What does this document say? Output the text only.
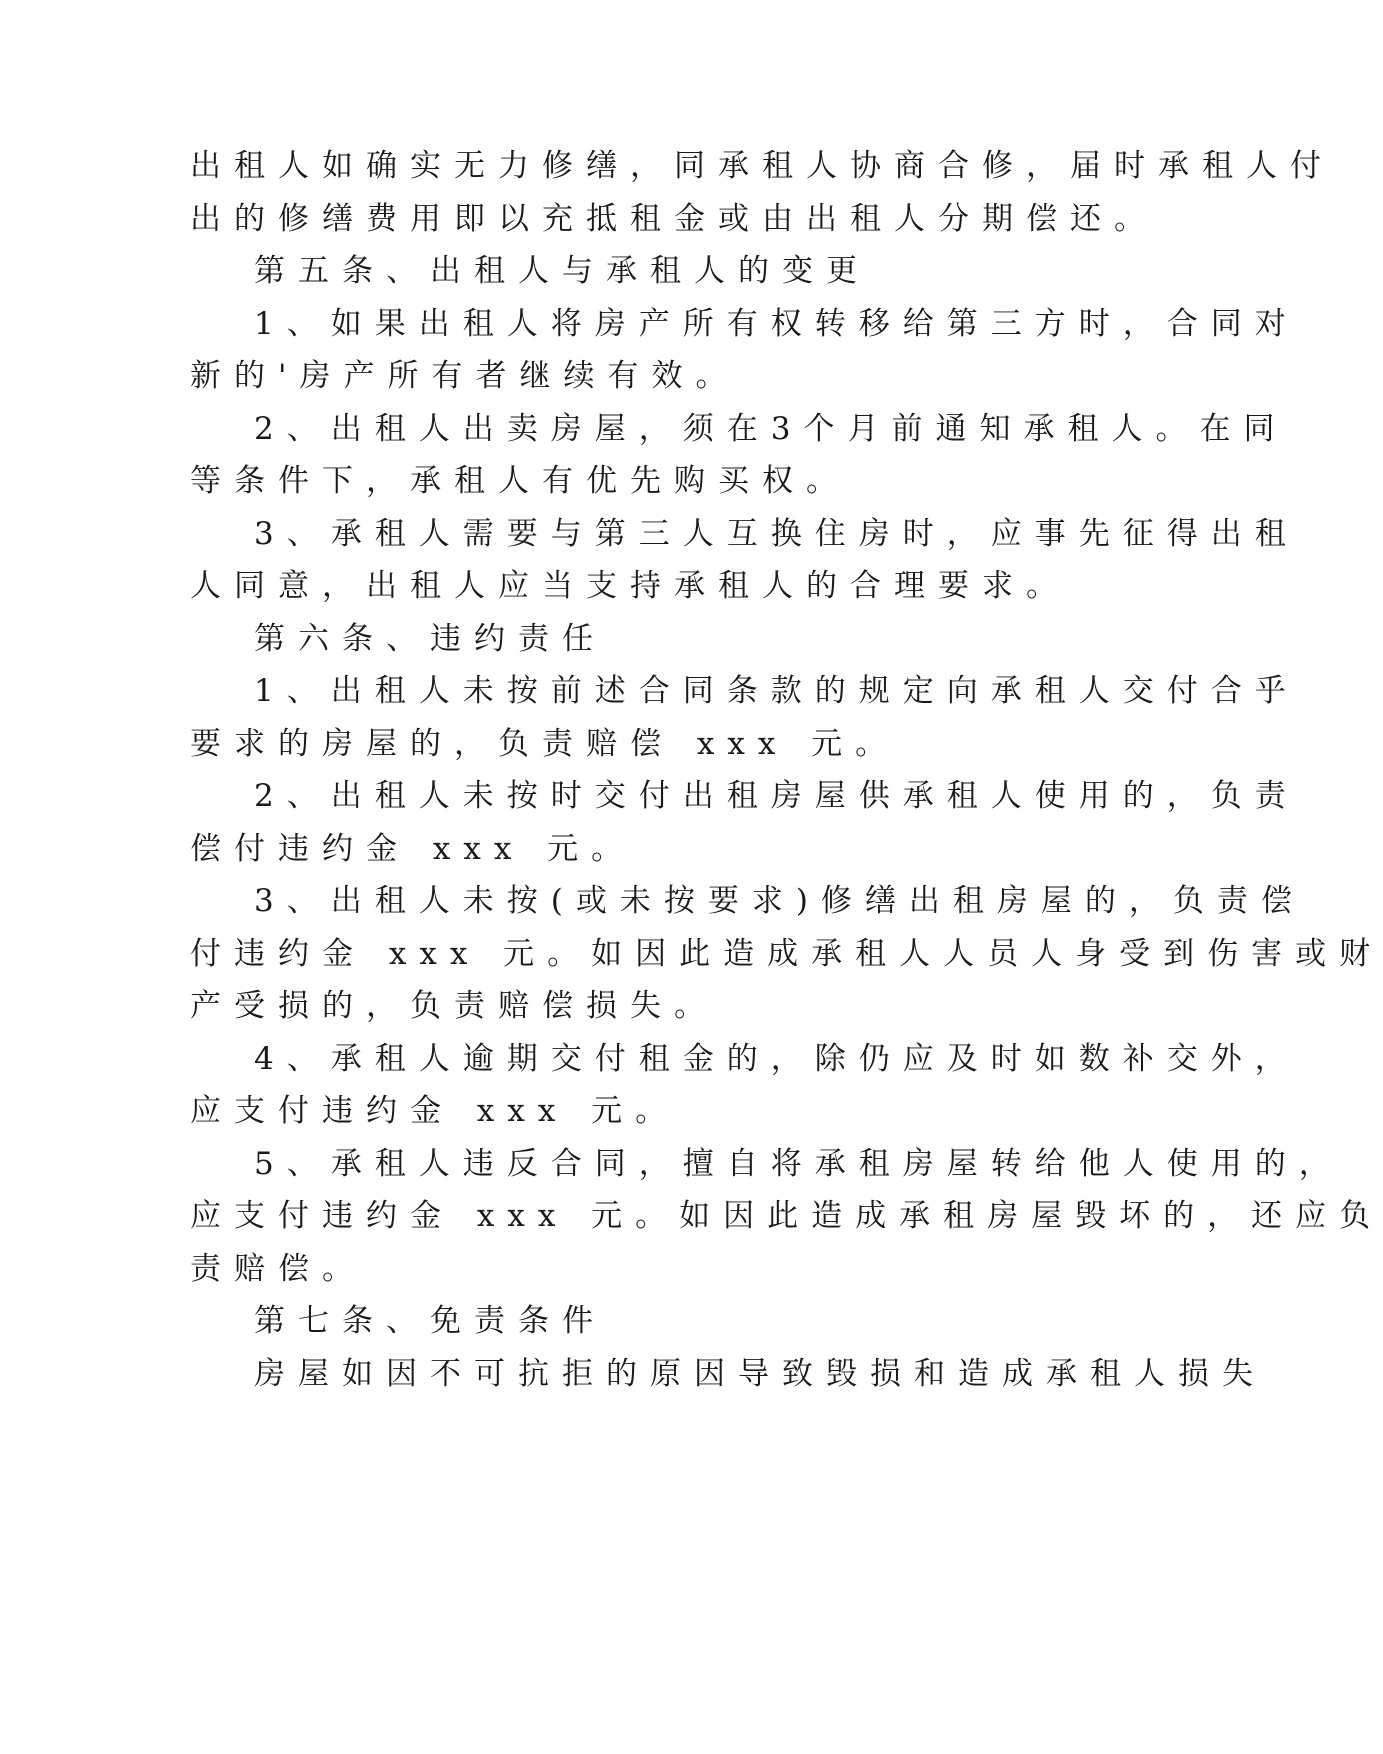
出租人如确实无力修缮，同承租人协商合修，届时承租人付
出的修缮费用即以充抵租金或由出租人分期偿还。
第五条、出租人与承租人的变更
1、如果出租人将房产所有权转移给第三方时，合同对
新的'房产所有者继续有效。
2、出租人出卖房屋，须在3个月前通知承租人。在同
等条件下，承租人有优先购买权。
3、承租人需要与第三人互换住房时，应事先征得出租
人同意，出租人应当支持承租人的合理要求。
第六条、违约责任
1、出租人未按前述合同条款的规定向承租人交付合乎
要求的房屋的，负责赔偿 xxx 元。
2、出租人未按时交付出租房屋供承租人使用的，负责
偿付违约金 xxx 元。
3、出租人未按(或未按要求)修缮出租房屋的，负责偿
付违约金 xxx 元。如因此造成承租人人员人身受到伤害或财
产受损的，负责赔偿损失。
4、承租人逾期交付租金的，除仍应及时如数补交外，
应支付违约金 xxx 元。
5、承租人违反合同，擅自将承租房屋转给他人使用的，
应支付违约金 xxx 元。如因此造成承租房屋毁坏的，还应负
责赔偿。
第七条、免责条件
房屋如因不可抗拒的原因导致毁损和造成承租人损失
